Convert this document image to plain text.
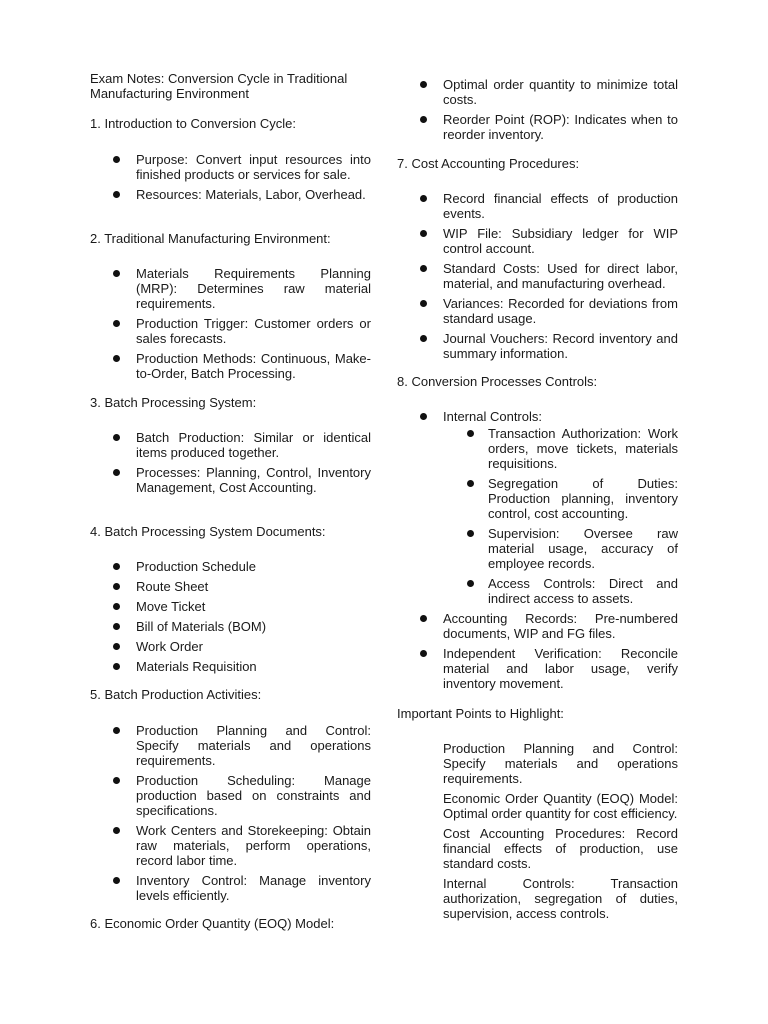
Exam Notes: Conversion Cycle in Traditional Manufacturing Environment
1. Introduction to Conversion Cycle:
Purpose: Convert input resources into finished products or services for sale.
Resources: Materials, Labor, Overhead.
2. Traditional Manufacturing Environment:
Materials Requirements Planning (MRP): Determines raw material requirements.
Production Trigger: Customer orders or sales forecasts.
Production Methods: Continuous, Make-to-Order, Batch Processing.
3. Batch Processing System:
Batch Production: Similar or identical items produced together.
Processes: Planning, Control, Inventory Management, Cost Accounting.
4. Batch Processing System Documents:
Production Schedule
Route Sheet
Move Ticket
Bill of Materials (BOM)
Work Order
Materials Requisition
5. Batch Production Activities:
Production Planning and Control: Specify materials and operations requirements.
Production Scheduling: Manage production based on constraints and specifications.
Work Centers and Storekeeping: Obtain raw materials, perform operations, record labor time.
Inventory Control: Manage inventory levels efficiently.
6. Economic Order Quantity (EOQ) Model:
Optimal order quantity to minimize total costs.
Reorder Point (ROP): Indicates when to reorder inventory.
7. Cost Accounting Procedures:
Record financial effects of production events.
WIP File: Subsidiary ledger for WIP control account.
Standard Costs: Used for direct labor, material, and manufacturing overhead.
Variances: Recorded for deviations from standard usage.
Journal Vouchers: Record inventory and summary information.
8. Conversion Processes Controls:
Internal Controls:
Transaction Authorization: Work orders, move tickets, materials requisitions.
Segregation of Duties: Production planning, inventory control, cost accounting.
Supervision: Oversee raw material usage, accuracy of employee records.
Access Controls: Direct and indirect access to assets.
Accounting Records: Pre-numbered documents, WIP and FG files.
Independent Verification: Reconcile material and labor usage, verify inventory movement.
Important Points to Highlight:
Production Planning and Control: Specify materials and operations requirements.
Economic Order Quantity (EOQ) Model: Optimal order quantity for cost efficiency.
Cost Accounting Procedures: Record financial effects of production, use standard costs.
Internal Controls: Transaction authorization, segregation of duties, supervision, access controls.
